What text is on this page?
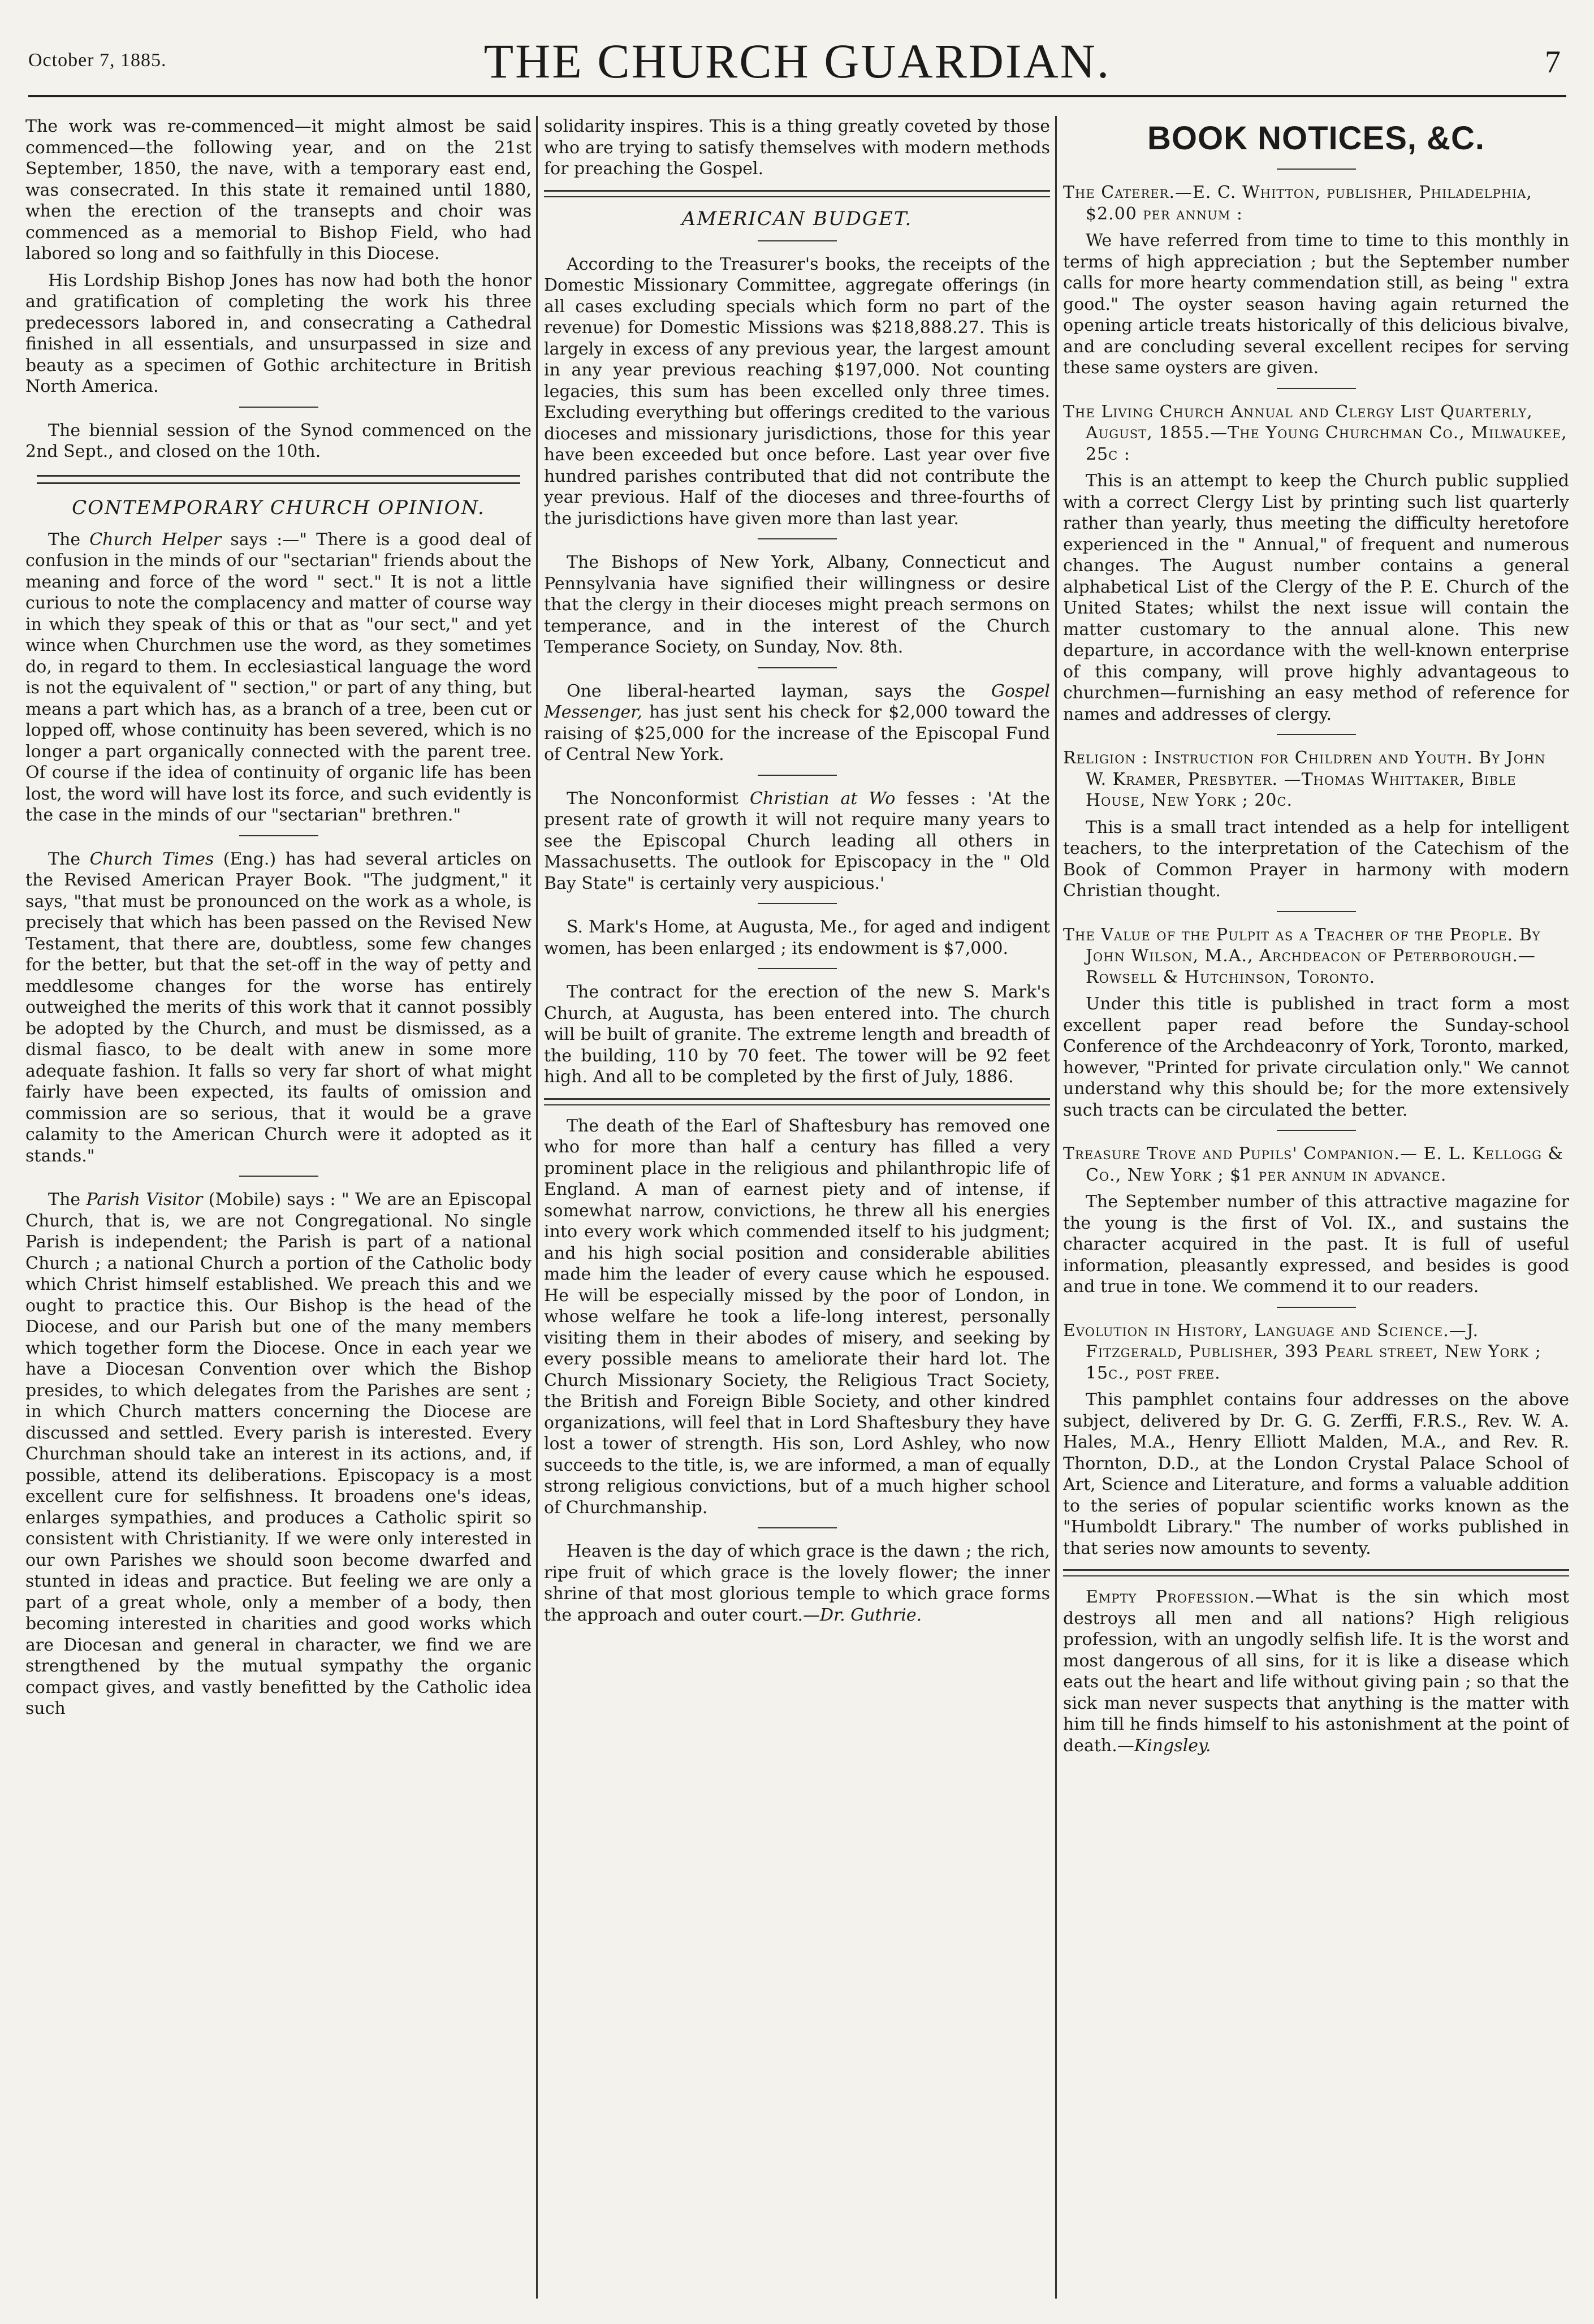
October 7, 1885.	THE CHURCH GUARDIAN.	7

The work was re-commenced—it might almost be said commenced—the following year, and on the 21st September, 1850, the nave, with a temporary east end, was consecrated. In this state it remained until 1880, when the erection of the transepts and choir was commenced as a memorial to Bishop Field, who had labored so long and so faithfully in this Diocese.

His Lordship Bishop Jones has now had both the honor and gratification of completing the work his three predecessors labored in, and consecrating a Cathedral finished in all essentials, and unsurpassed in size and beauty as a specimen of Gothic architecture in British North America.

The biennial session of the Synod commenced on the 2nd Sept., and closed on the 10th.

CONTEMPORARY CHURCH OPINION.

The Church Helper says :—" There is a good deal of confusion in the minds of our "sectarian" friends about the meaning and force of the word " sect." It is not a little curious to note the complacency and matter of course way in which they speak of this or that as "our sect," and yet wince when Churchmen use the word, as they sometimes do, in regard to them. In ecclesiastical language the word is not the equivalent of " section," or part of any thing, but means a part which has, as a branch of a tree, been cut or lopped off, whose continuity has been severed, which is no longer a part organically connected with the parent tree. Of course if the idea of continuity of organic life has been lost, the word will have lost its force, and such evidently is the case in the minds of our "sectarian" brethren."

The Church Times (Eng.) has had several articles on the Revised American Prayer Book. "The judgment," it says, "that must be pronounced on the work as a whole, is precisely that which has been passed on the Revised New Testament, that there are, doubtless, some few changes for the better, but that the set-off in the way of petty and meddlesome changes for the worse has entirely outweighed the merits of this work that it cannot possibly be adopted by the Church, and must be dismissed, as a dismal fiasco, to be dealt with anew in some more adequate fashion. It falls so very far short of what might fairly have been expected, its faults of omission and commission are so serious, that it would be a grave calamity to the American Church were it adopted as it stands."

The Parish Visitor (Mobile) says : " We are an Episcopal Church, that is, we are not Congregational. No single Parish is independent; the Parish is part of a national Church ; a national Church a portion of the Catholic body which Christ himself established. We preach this and we ought to practice this. Our Bishop is the head of the Diocese, and our Parish but one of the many members which together form the Diocese. Once in each year we have a Diocesan Convention over which the Bishop presides, to which delegates from the Parishes are sent ; in which Church matters concerning the Diocese are discussed and settled. Every parish is interested. Every Churchman should take an interest in its actions, and, if possible, attend its deliberations. Episcopacy is a most excellent cure for selfishness. It broadens one's ideas, enlarges sympathies, and produces a Catholic spirit so consistent with Christianity. If we were only interested in our own Parishes we should soon become dwarfed and stunted in ideas and practice. But feeling we are only a part of a great whole, only a member of a body, then becoming interested in charities and good works which are Diocesan and general in character, we find we are strengthened by the mutual sympathy the organic compact gives, and vastly benefitted by the Catholic idea such

solidarity inspires. This is a thing greatly coveted by those who are trying to satisfy themselves with modern methods for preaching the Gospel.

AMERICAN BUDGET.

According to the Treasurer's books, the receipts of the Domestic Missionary Committee, aggregate offerings (in all cases excluding specials which form no part of the revenue) for Domestic Missions was $218,888.27. This is largely in excess of any previous year, the largest amount in any year previous reaching $197,000. Not counting legacies, this sum has been excelled only three times. Excluding everything but offerings credited to the various dioceses and missionary jurisdictions, those for this year have been exceeded but once before. Last year over five hundred parishes contributed that did not contribute the year previous. Half of the dioceses and three-fourths of the jurisdictions have given more than last year.

The Bishops of New York, Albany, Connecticut and Pennsylvania have signified their willingness or desire that the clergy in their dioceses might preach sermons on temperance, and in the interest of the Church Temperance Society, on Sunday, Nov. 8th.

One liberal-hearted layman, says the Gospel Messenger, has just sent his check for $2,000 toward the raising of $25,000 for the increase of the Episcopal Fund of Central New York.

The Nonconformist Christian at Wo fesses : 'At the present rate of growth it will not require many years to see the Episcopal Church leading all others in Massachusetts. The outlook for Episcopacy in the " Old Bay State" is certainly very auspicious.'

S. Mark's Home, at Augusta, Me., for aged and indigent women, has been enlarged ; its endowment is $7,000.

The contract for the erection of the new S. Mark's Church, at Augusta, has been entered into. The church will be built of granite. The extreme length and breadth of the building, 110 by 70 feet. The tower will be 92 feet high. And all to be completed by the first of July, 1886.

The death of the Earl of Shaftesbury has removed one who for more than half a century has filled a very prominent place in the religious and philanthropic life of England. A man of earnest piety and of intense, if somewhat narrow, convictions, he threw all his energies into every work which commended itself to his judgment; and his high social position and considerable abilities made him the leader of every cause which he espoused. He will be especially missed by the poor of London, in whose welfare he took a life-long interest, personally visiting them in their abodes of misery, and seeking by every possible means to ameliorate their hard lot. The Church Missionary Society, the Religious Tract Society, the British and Foreign Bible Society, and other kindred organizations, will feel that in Lord Shaftesbury they have lost a tower of strength. His son, Lord Ashley, who now succeeds to the title, is, we are informed, a man of equally strong religious convictions, but of a much higher school of Churchmanship.

Heaven is the day of which grace is the dawn ; the rich, ripe fruit of which grace is the lovely flower; the inner shrine of that most glorious temple to which grace forms the approach and outer court.—Dr. Guthrie.

BOOK NOTICES, &C.
The Caterer.—E. C. Whitton, publisher, Philadelphia, $2.00 per annum :

We have referred from time to time to this monthly in terms of high appreciation ; but the September number calls for more hearty commendation still, as being " extra good." The oyster season having again returned the opening article treats historically of this delicious bivalve, and are concluding several excellent recipes for serving these same oysters are given.

The Living Church Annual and Clergy List Quarterly, August, 1855.—The Young Churchman Co., Milwaukee, 25c :

This is an attempt to keep the Church public supplied with a correct Clergy List by printing such list quarterly rather than yearly, thus meeting the difficulty heretofore experienced in the " Annual," of frequent and numerous changes. The August number contains a general alphabetical List of the Clergy of the P. E. Church of the United States; whilst the next issue will contain the matter customary to the annual alone. This new departure, in accordance with the well-known enterprise of this company, will prove highly advantageous to churchmen—furnishing an easy method of reference for names and addresses of clergy.

Religion : Instruction for Children and Youth. By John W. Kramer, Presbyter. —Thomas Whittaker, Bible House, New York ; 20c.

This is a small tract intended as a help for intelligent teachers, to the interpretation of the Catechism of the Book of Common Prayer in harmony with modern Christian thought.

The Value of the Pulpit as a Teacher of the People. By John Wilson, M.A., Archdeacon of Peterborough.—Rowsell & Hutchinson, Toronto.

Under this title is published in tract form a most excellent paper read before the Sunday-school Conference of the Archdeaconry of York, Toronto, marked, however, "Printed for private circulation only." We cannot understand why this should be; for the more extensively such tracts can be circulated the better.

Treasure Trove and Pupils' Companion.— E. L. Kellogg & Co., New York ; $1 per annum in advance.

The September number of this attractive magazine for the young is the first of Vol. IX., and sustains the character acquired in the past. It is full of useful information, pleasantly expressed, and besides is good and true in tone. We commend it to our readers.

Evolution in History, Language and Science.—J. Fitzgerald, Publisher, 393 Pearl street, New York ; 15c., post free.

This pamphlet contains four addresses on the above subject, delivered by Dr. G. G. Zerffi, F.R.S., Rev. W. A. Hales, M.A., Henry Elliott Malden, M.A., and Rev. R. Thornton, D.D., at the London Crystal Palace School of Art, Science and Literature, and forms a valuable addition to the series of popular scientific works known as the "Humboldt Library." The number of works published in that series now amounts to seventy.

Empty Profession.—What is the sin which most destroys all men and all nations? High religious profession, with an ungodly selfish life. It is the worst and most dangerous of all sins, for it is like a disease which eats out the heart and life without giving pain ; so that the sick man never suspects that anything is the matter with him till he finds himself to his astonishment at the point of death.—Kingsley.
